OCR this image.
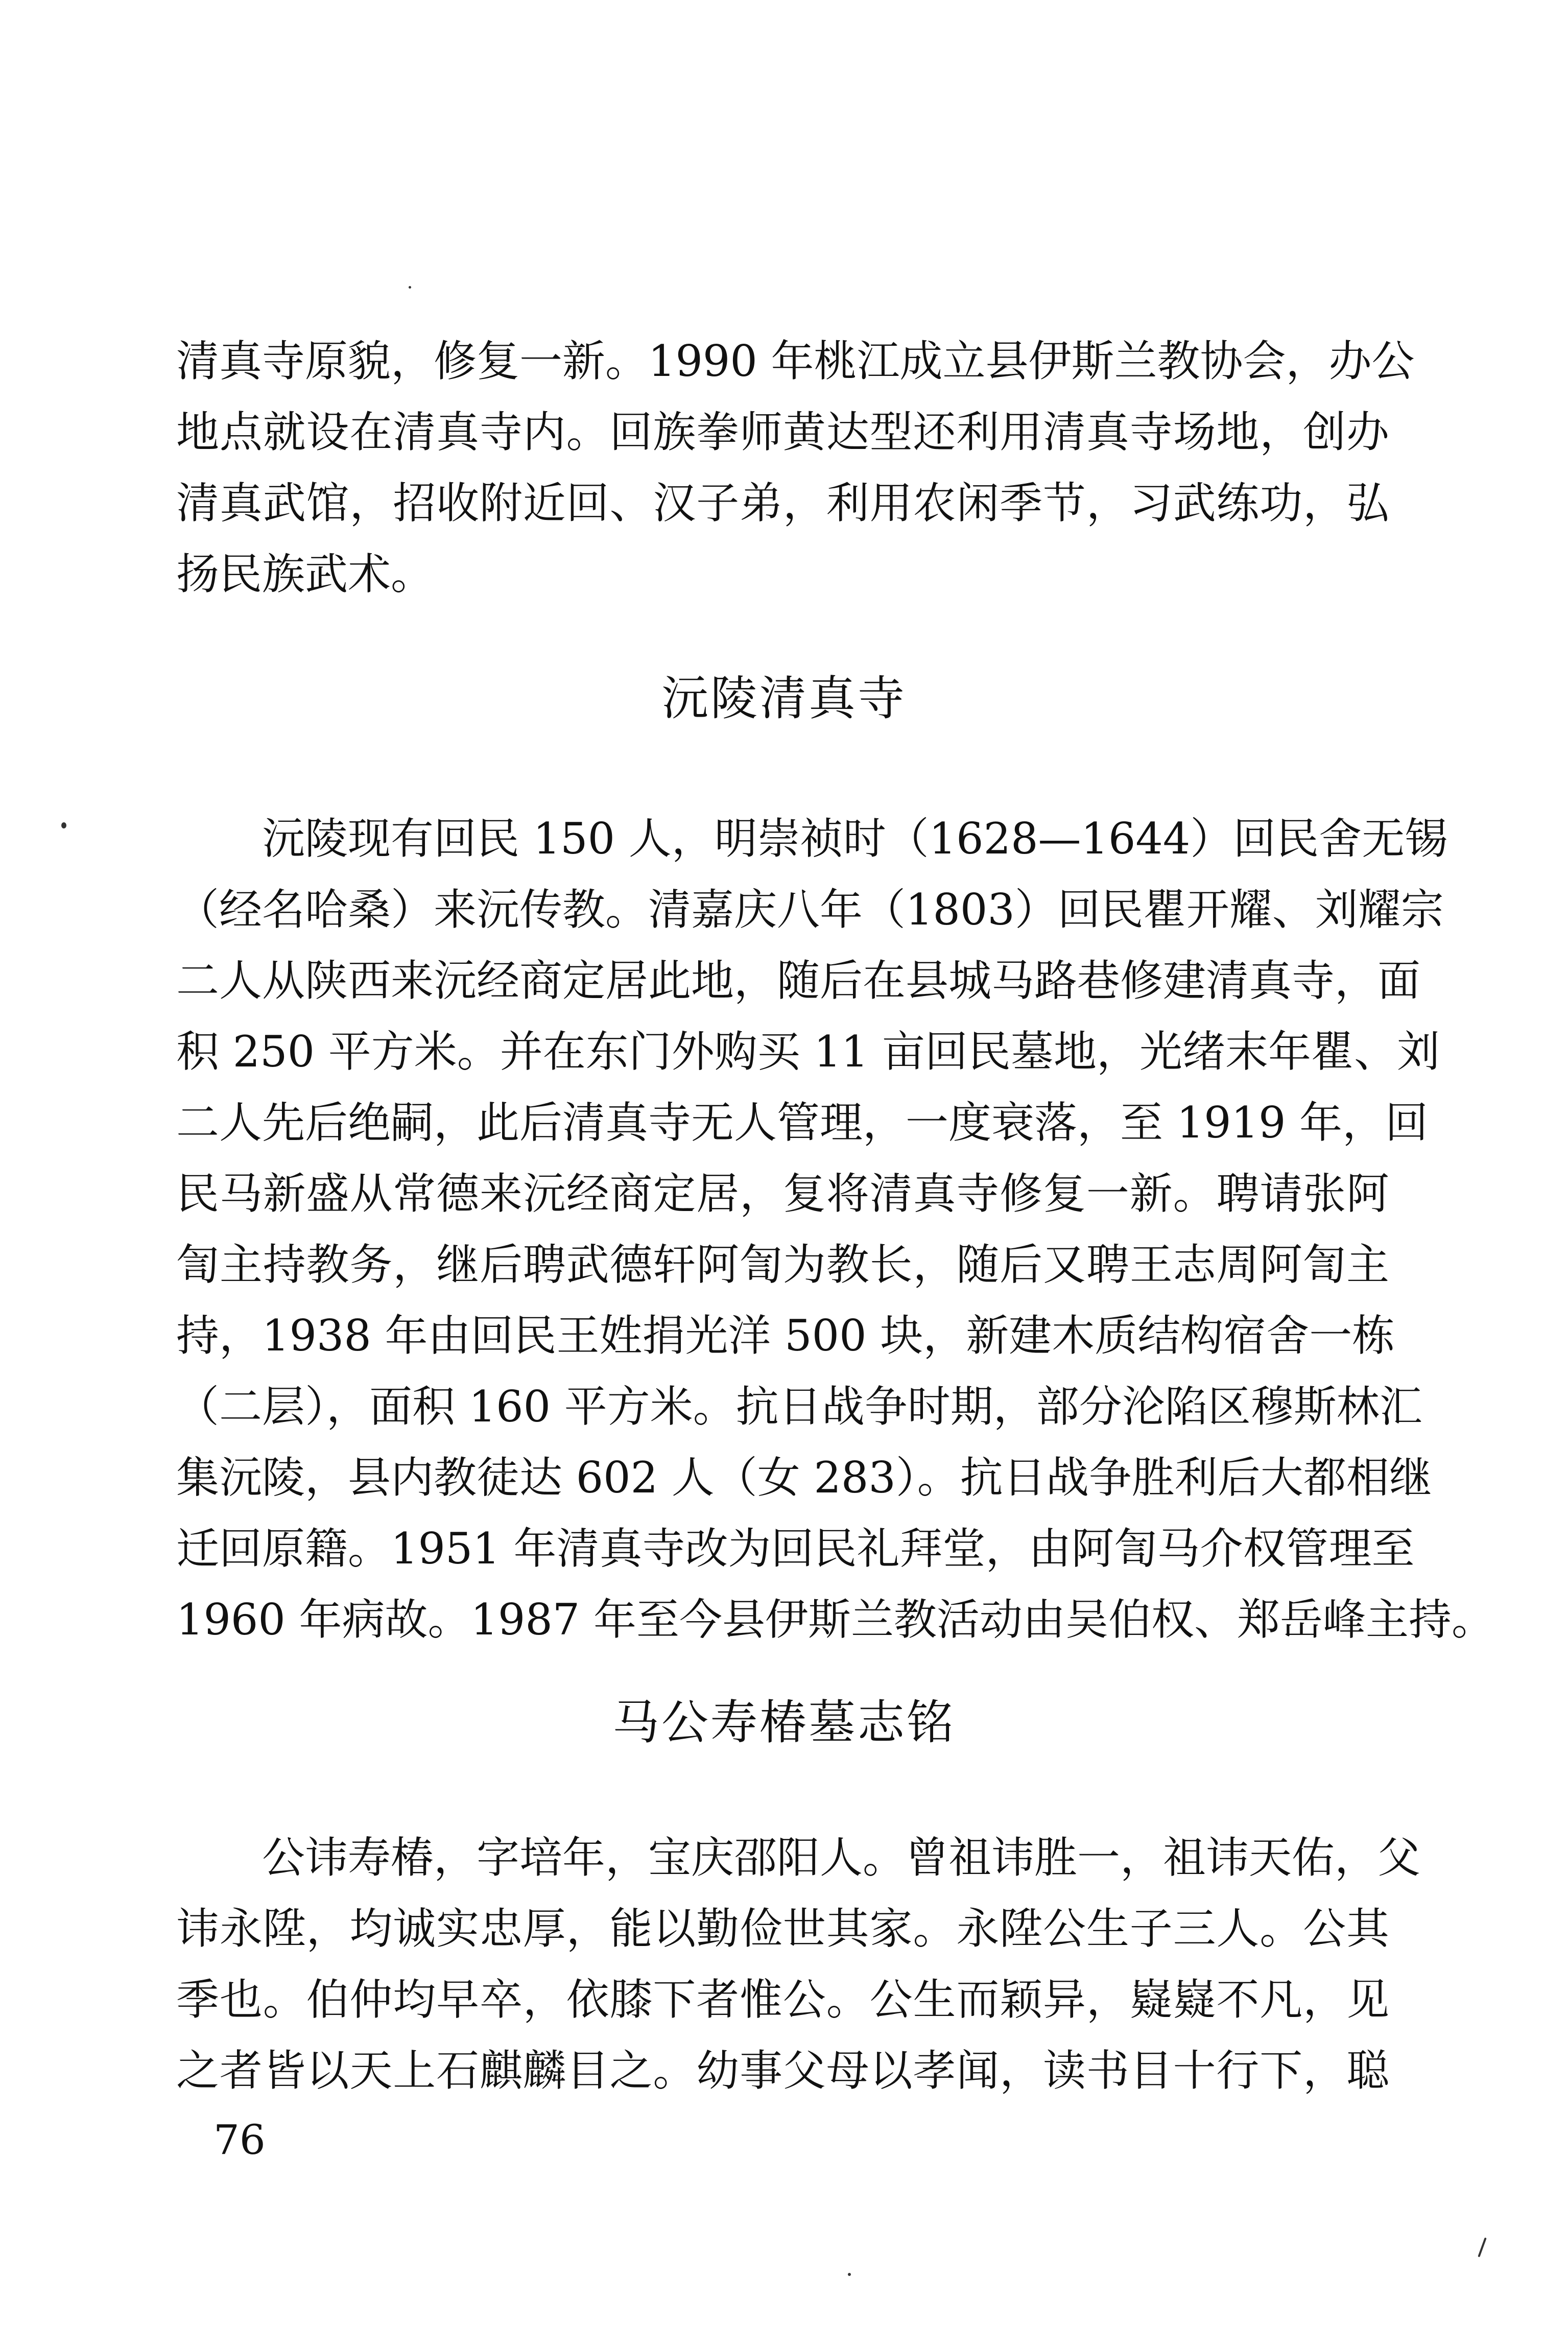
清真寺原貌，修复一新。1990 年桃江成立县伊斯兰教协会，办公
地点就设在清真寺内。回族拳师黄达型还利用清真寺场地，创办
清真武馆，招收附近回、汉子弟，利用农闲季节，习武练功，弘
扬民族武术。
沅陵清真寺
　　沅陵现有回民 150 人，明崇祯时（1628—1644）回民舍无锡
（经名哈桑）来沅传教。清嘉庆八年（1803）回民瞿开耀、刘耀宗
二人从陕西来沅经商定居此地，随后在县城马路巷修建清真寺，面
积 250 平方米。并在东门外购买 11 亩回民墓地，光绪末年瞿、刘
二人先后绝嗣，此后清真寺无人管理，一度衰落，至 1919 年，回
民马新盛从常德来沅经商定居，复将清真寺修复一新。聘请张阿
訇主持教务，继后聘武德轩阿訇为教长，随后又聘王志周阿訇主
持，1938 年由回民王姓捐光洋 500 块，新建木质结构宿舍一栋
（二层），面积 160 平方米。抗日战争时期，部分沦陷区穆斯林汇
集沅陵，县内教徒达 602 人（女 283）。抗日战争胜利后大都相继
迁回原籍。1951 年清真寺改为回民礼拜堂，由阿訇马介权管理至
1960 年病故。1987 年至今县伊斯兰教活动由吴伯权、郑岳峰主持。
马公寿椿墓志铭
　　公讳寿椿，字培年，宝庆邵阳人。曾祖讳胜一，祖讳天佑，父
讳永陞，均诚实忠厚，能以勤俭世其家。永陞公生子三人。公其
季也。伯仲均早卒，依膝下者惟公。公生而颖异，嶷嶷不凡，见
之者皆以天上石麒麟目之。幼事父母以孝闻，读书目十行下，聪
76
